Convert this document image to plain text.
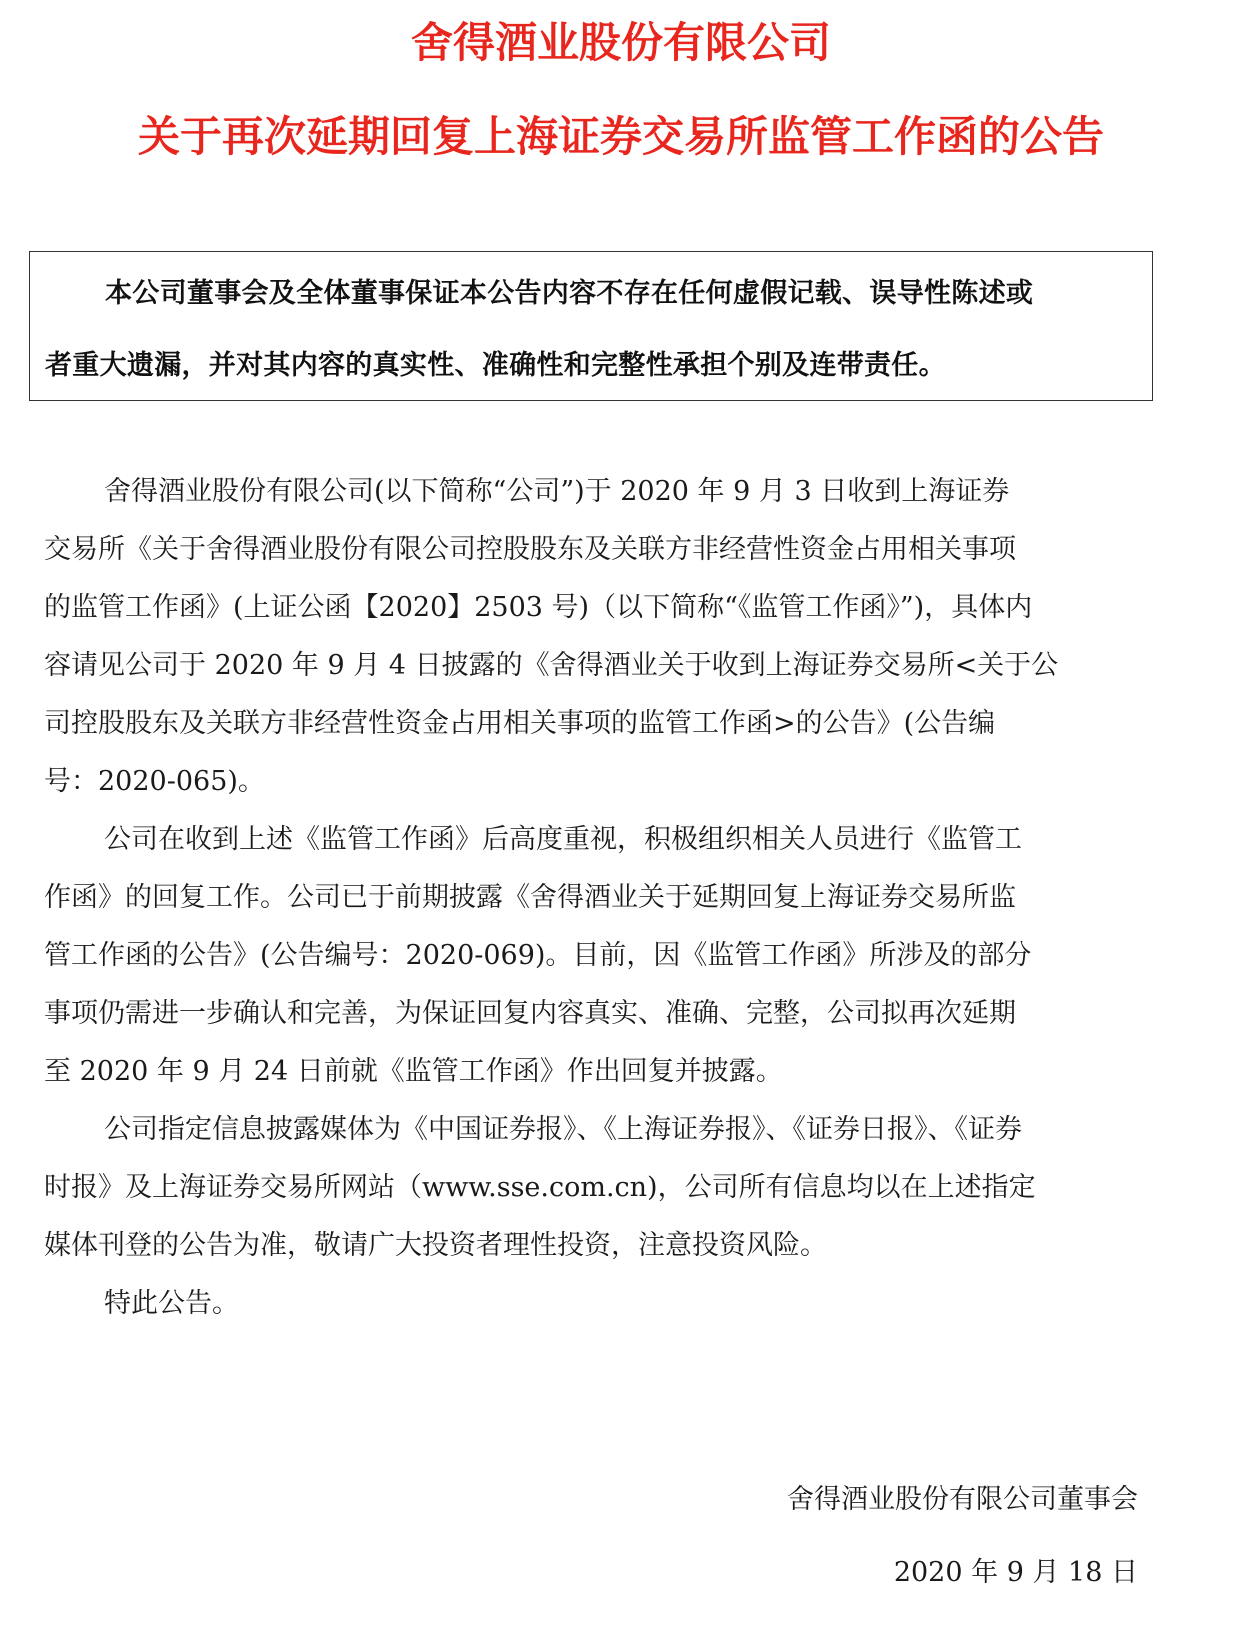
舍得酒业股份有限公司
关于再次延期回复上海证券交易所监管工作函的公告
本公司董事会及全体董事保证本公告内容不存在任何虚假记载、误导性陈述或
者重大遗漏，并对其内容的真实性、准确性和完整性承担个别及连带责任。
舍得酒业股份有限公司(以下简称“公司”)于 2020 年 9 月 3 日收到上海证券
交易所《关于舍得酒业股份有限公司控股股东及关联方非经营性资金占用相关事项
的监管工作函》(上证公函【2020】2503 号)（以下简称“《监管工作函》”)，具体内
容请见公司于 2020 年 9 月 4 日披露的《舍得酒业关于收到上海证券交易所<关于公
司控股股东及关联方非经营性资金占用相关事项的监管工作函>的公告》(公告编
号：2020-065)。
公司在收到上述《监管工作函》后高度重视，积极组织相关人员进行《监管工
作函》的回复工作。公司已于前期披露《舍得酒业关于延期回复上海证券交易所监
管工作函的公告》(公告编号：2020-069)。目前，因《监管工作函》所涉及的部分
事项仍需进一步确认和完善，为保证回复内容真实、准确、完整，公司拟再次延期
至 2020 年 9 月 24 日前就《监管工作函》作出回复并披露。
公司指定信息披露媒体为《中国证券报》、《上海证券报》、《证券日报》、《证券
时报》及上海证券交易所网站（www.sse.com.cn)，公司所有信息均以在上述指定
媒体刊登的公告为准，敬请广大投资者理性投资，注意投资风险。
特此公告。
舍得酒业股份有限公司董事会
2020 年 9 月 18 日
